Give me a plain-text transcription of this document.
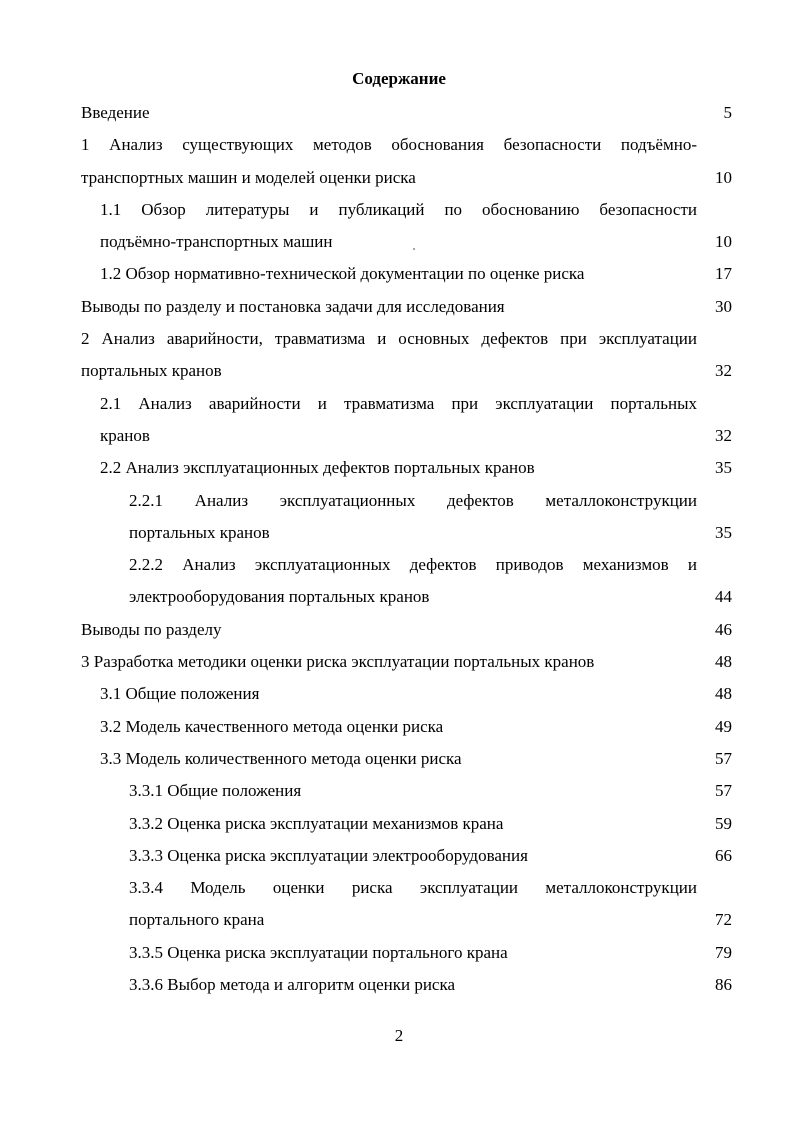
Содержание
Введение	5
1 Анализ существующих методов обоснования безопасности подъёмно-
транспортных машин и моделей оценки риска	10
1.1 Обзор литературы и публикаций по обоснованию безопасности
подъёмно-транспортных машин	10
1.2 Обзор нормативно-технической документации по оценке риска	17
Выводы по разделу и постановка задачи для исследования	30
2 Анализ аварийности, травматизма и основных дефектов при эксплуатации
портальных кранов	32
2.1 Анализ аварийности и травматизма при эксплуатации портальных
кранов	32
2.2 Анализ эксплуатационных дефектов портальных кранов	35
2.2.1 Анализ эксплуатационных дефектов металлоконструкции
портальных кранов	35
2.2.2 Анализ эксплуатационных дефектов приводов механизмов и
электрооборудования портальных кранов	44
Выводы по разделу	46
3 Разработка методики оценки риска эксплуатации портальных кранов	48
3.1 Общие положения	48
3.2 Модель качественного метода оценки риска	49
3.3 Модель количественного метода оценки риска	57
3.3.1 Общие положения	57
3.3.2 Оценка риска эксплуатации механизмов крана	59
3.3.3 Оценка риска эксплуатации электрооборудования	66
3.3.4 Модель оценки риска эксплуатации металлоконструкции
портального крана	72
3.3.5 Оценка риска эксплуатации портального крана	79
3.3.6 Выбор метода и алгоритм оценки риска	86
2
